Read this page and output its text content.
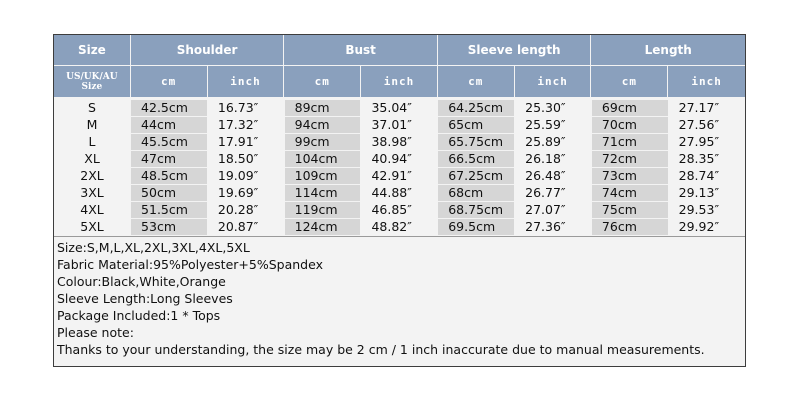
Size	Shoulder	Bust	Sleeve length	Length
US/UK/AU
Size	cm	inch	cm	inch	cm	inch	cm	inch
S	42.5cm	16.73″	89cm	35.04″	64.25cm	25.30″	69cm	27.17″
M	44cm	17.32″	94cm	37.01″	65cm	25.59″	70cm	27.56″
L	45.5cm	17.91″	99cm	38.98″	65.75cm	25.89″	71cm	27.95″
XL	47cm	18.50″	104cm	40.94″	66.5cm	26.18″	72cm	28.35″
2XL	48.5cm	19.09″	109cm	42.91″	67.25cm	26.48″	73cm	28.74″
3XL	50cm	19.69″	114cm	44.88″	68cm	26.77″	74cm	29.13″
4XL	51.5cm	20.28″	119cm	46.85″	68.75cm	27.07″	75cm	29.53″
5XL	53cm	20.87″	124cm	48.82″	69.5cm	27.36″	76cm	29.92″
Size:S,M,L,XL,2XL,3XL,4XL,5XL
Fabric Material:95%Polyester+5%Spandex
Colour:Black,White,Orange
Sleeve Length:Long Sleeves
Package Included:1 * Tops
Please note:
Thanks to your understanding, the size may be 2 cm / 1 inch inaccurate due to manual measurements.
